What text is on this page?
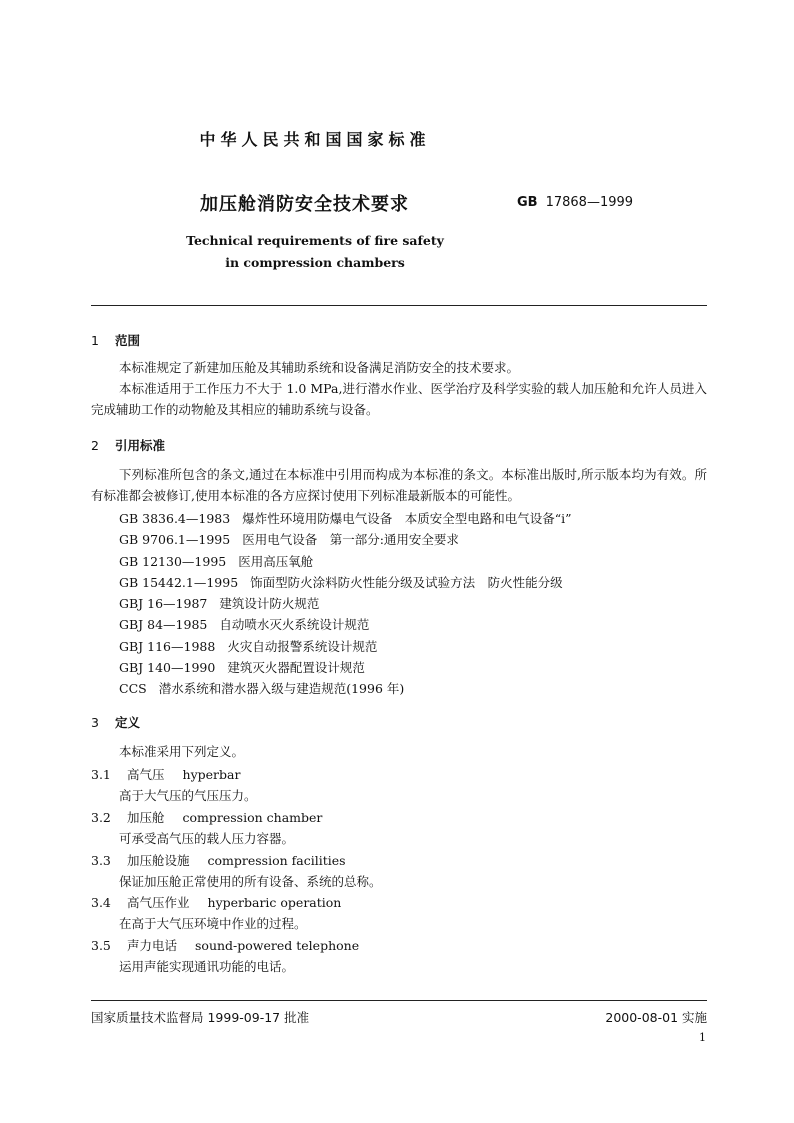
中华人民共和国国家标准
加压舱消防安全技术要求	GB 17868—1999
Technical requirements of fire safety
in compression chambers
1 范围
本标准规定了新建加压舱及其辅助系统和设备满足消防安全的技术要求。
本标准适用于工作压力不大于 1.0 MPa,进行潜水作业、医学治疗及科学实验的载人加压舱和允许人员进入完成辅助工作的动物舱及其相应的辅助系统与设备。
2 引用标准
下列标准所包含的条文,通过在本标准中引用而构成为本标准的条文。本标准出版时,所示版本均为有效。所有标准都会被修订,使用本标准的各方应探讨使用下列标准最新版本的可能性。
GB 3836.4—1983 爆炸性环境用防爆电气设备　本质安全型电路和电气设备“i”
GB 9706.1—1995 医用电气设备　第一部分:通用安全要求
GB 12130—1995 医用高压氧舱
GB 15442.1—1995 饰面型防火涂料防火性能分级及试验方法　防火性能分级
GBJ 16—1987 建筑设计防火规范
GBJ 84—1985 自动喷水灭火系统设计规范
GBJ 116—1988 火灾自动报警系统设计规范
GBJ 140—1990 建筑灭火器配置设计规范
CCS 潜水系统和潜水器入级与建造规范(1996 年)
3 定义
本标准采用下列定义。
3.1 高气压 hyperbar
高于大气压的气压压力。
3.2 加压舱 compression chamber
可承受高气压的载人压力容器。
3.3 加压舱设施 compression facilities
保证加压舱正常使用的所有设备、系统的总称。
3.4 高气压作业 hyperbaric operation
在高于大气压环境中作业的过程。
3.5 声力电话 sound-powered telephone
运用声能实现通讯功能的电话。
国家质量技术监督局 1999-09-17 批准	2000-08-01 实施
1
